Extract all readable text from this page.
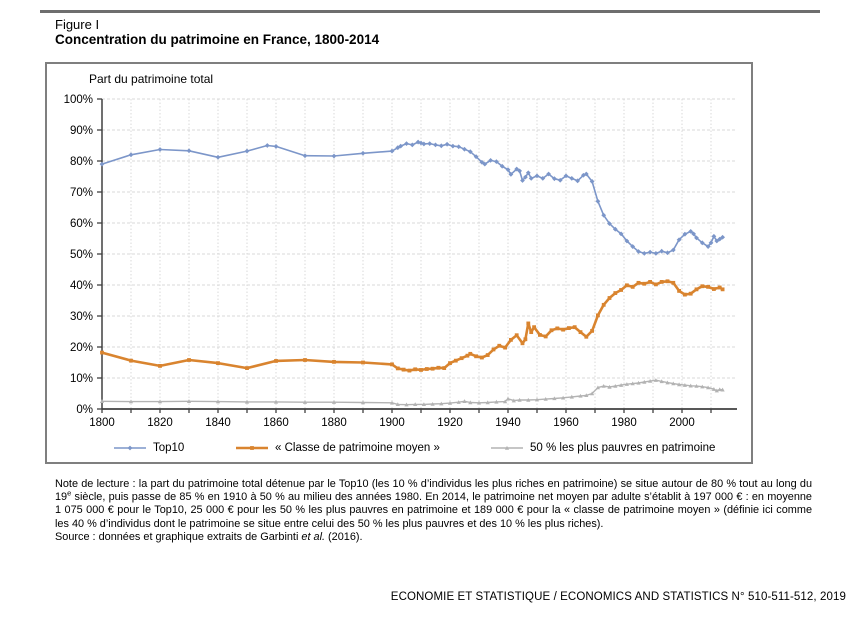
Figure I
Concentration du patrimoine en France, 1800-2014
0%
10%
20%
30%
40%
50%
60%
70%
80%
90%
100%
1800	1820	1840	1860	1880	1900	1920	1940	1960	1980	2000
Part du patrimoine total
Top10	« Classe de patrimoine moyen »	50 % les plus pauvres en patrimoine
Note de lecture : la part du patrimoine total détenue par le Top10 (les 10 % d’individus les plus riches en patrimoine) se situe autour de 80 % tout au long du 19e siècle, puis passe de 85 % en 1910 à 50 % au milieu des années 1980. En 2014, le patrimoine net moyen par adulte s’établit à 197 000 € : en moyenne 1 075 000 € pour le Top10, 25 000 € pour les 50 % les plus pauvres en patrimoine et 189 000 € pour la « classe de patrimoine moyen » (définie ici comme les 40 % d’individus dont le patrimoine se situe entre celui des 50 % les plus pauvres et des 10 % les plus riches).
Source : données et graphique extraits de Garbinti et al. (2016).
ECONOMIE ET STATISTIQUE / ECONOMICS AND STATISTICS N° 510-511-512, 2019
